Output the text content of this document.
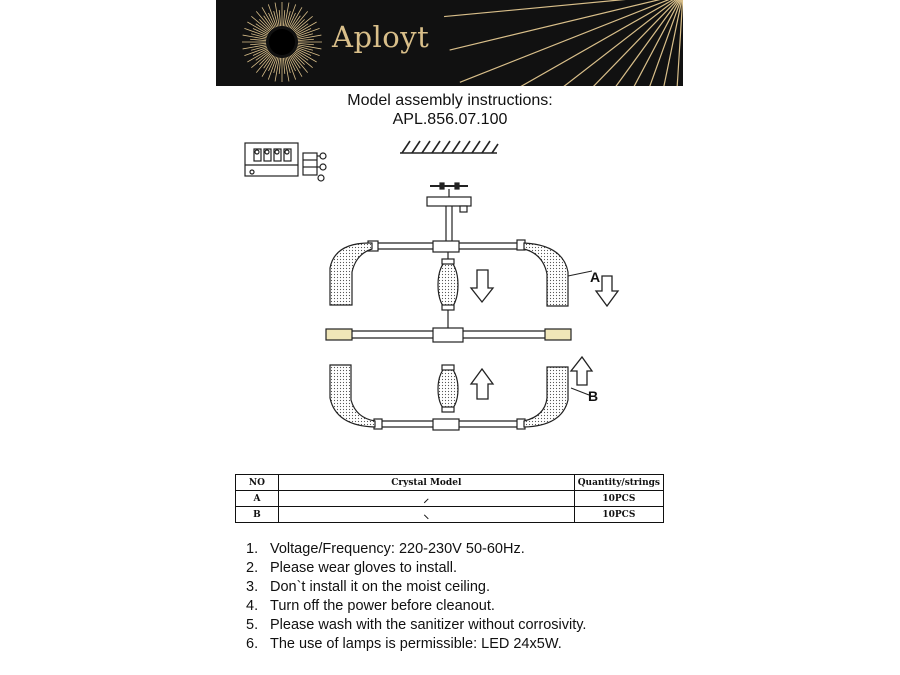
Aployt
Model assembly instructions:
APL.856.07.100
A
B
NO	Crystal Model	Quantity/strings
A	⸝	10PCS
B	⸜	10PCS
1. Voltage/Frequency: 220-230V 50-60Hz.
2. Please wear gloves to install.
3. Don`t install it on the moist ceiling.
4. Turn off the power before cleanout.
5. Please wash with the sanitizer without corrosivity.
6. The use of lamps is permissible: LED 24x5W.
